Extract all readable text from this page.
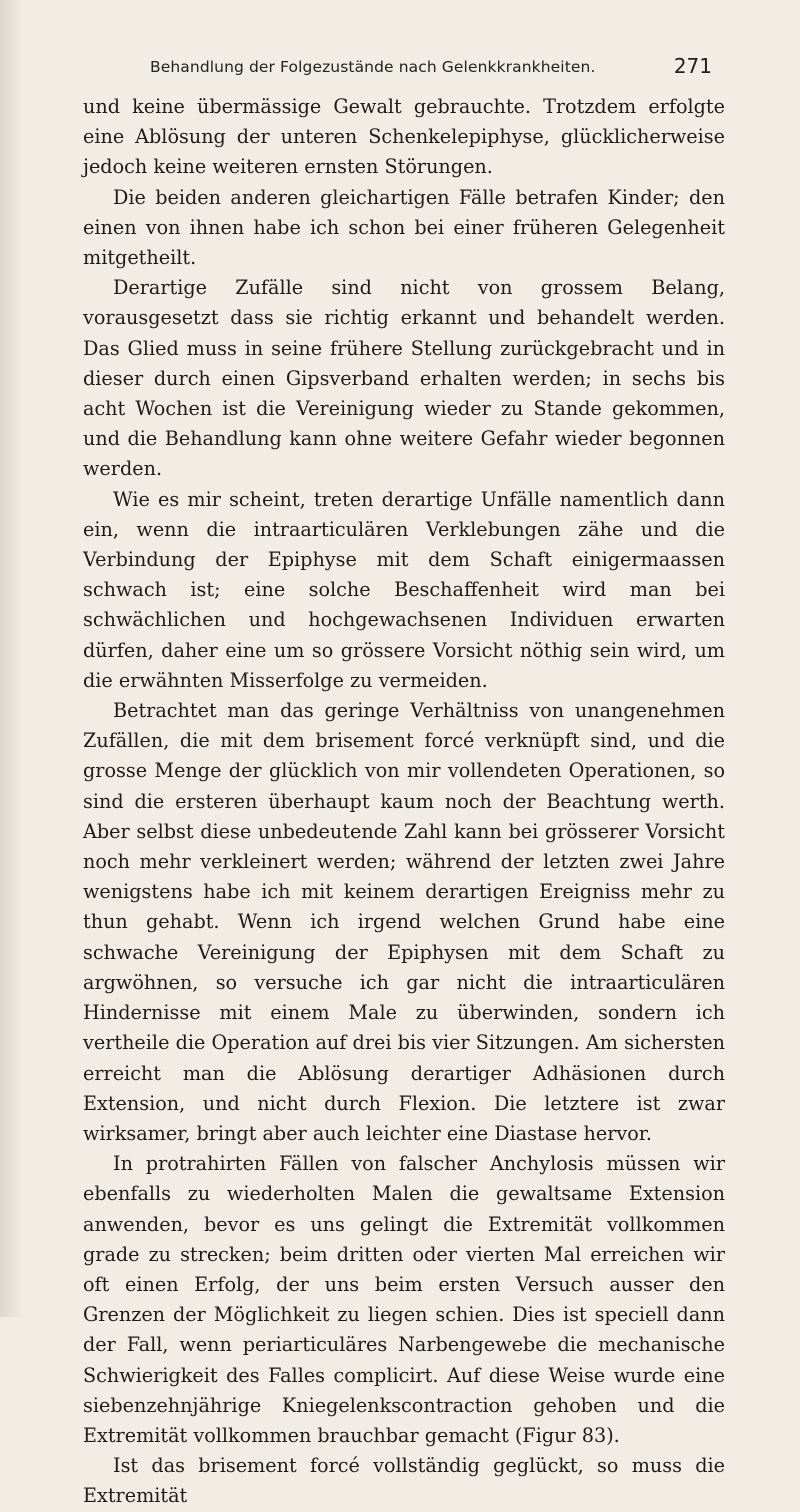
Behandlung der Folgezustände nach Gelenkkrankheiten.	271

und keine übermässige Gewalt gebrauchte. Trotzdem erfolgte eine Ablösung der unteren Schenkelepiphyse, glücklicherweise jedoch keine weiteren ernsten Störungen.

Die beiden anderen gleichartigen Fälle betrafen Kinder; den einen von ihnen habe ich schon bei einer früheren Gelegenheit mitgetheilt.

Derartige Zufälle sind nicht von grossem Belang, vorausgesetzt dass sie richtig erkannt und behandelt werden. Das Glied muss in seine frühere Stellung zurückgebracht und in dieser durch einen Gipsverband erhalten werden; in sechs bis acht Wochen ist die Vereinigung wieder zu Stande gekommen, und die Behandlung kann ohne weitere Gefahr wieder begonnen werden.

Wie es mir scheint, treten derartige Unfälle namentlich dann ein, wenn die intraarticulären Verklebungen zähe und die Verbindung der Epiphyse mit dem Schaft einigermaassen schwach ist; eine solche Beschaffenheit wird man bei schwächlichen und hochgewachsenen Individuen erwarten dürfen, daher eine um so grössere Vorsicht nöthig sein wird, um die erwähnten Misserfolge zu vermeiden.

Betrachtet man das geringe Verhältniss von unangenehmen Zufällen, die mit dem brisement forcé verknüpft sind, und die grosse Menge der glücklich von mir vollendeten Operationen, so sind die ersteren überhaupt kaum noch der Beachtung werth. Aber selbst diese unbedeutende Zahl kann bei grösserer Vorsicht noch mehr verkleinert werden; während der letzten zwei Jahre wenigstens habe ich mit keinem derartigen Ereigniss mehr zu thun gehabt. Wenn ich irgend welchen Grund habe eine schwache Vereinigung der Epiphysen mit dem Schaft zu argwöhnen, so versuche ich gar nicht die intraarticulären Hindernisse mit einem Male zu überwinden, sondern ich vertheile die Operation auf drei bis vier Sitzungen. Am sichersten erreicht man die Ablösung derartiger Adhäsionen durch Extension, und nicht durch Flexion. Die letztere ist zwar wirksamer, bringt aber auch leichter eine Diastase hervor.

In protrahirten Fällen von falscher Anchylosis müssen wir ebenfalls zu wiederholten Malen die gewaltsame Extension anwenden, bevor es uns gelingt die Extremität vollkommen grade zu strecken; beim dritten oder vierten Mal erreichen wir oft einen Erfolg, der uns beim ersten Versuch ausser den Grenzen der Möglichkeit zu liegen schien. Dies ist speciell dann der Fall, wenn periarticuläres Narbengewebe die mechanische Schwierigkeit des Falles complicirt. Auf diese Weise wurde eine siebenzehnjährige Kniegelenkscontraction gehoben und die Extremität vollkommen brauchbar gemacht (Figur 83).

Ist das brisement forcé vollständig geglückt, so muss die Extremität
